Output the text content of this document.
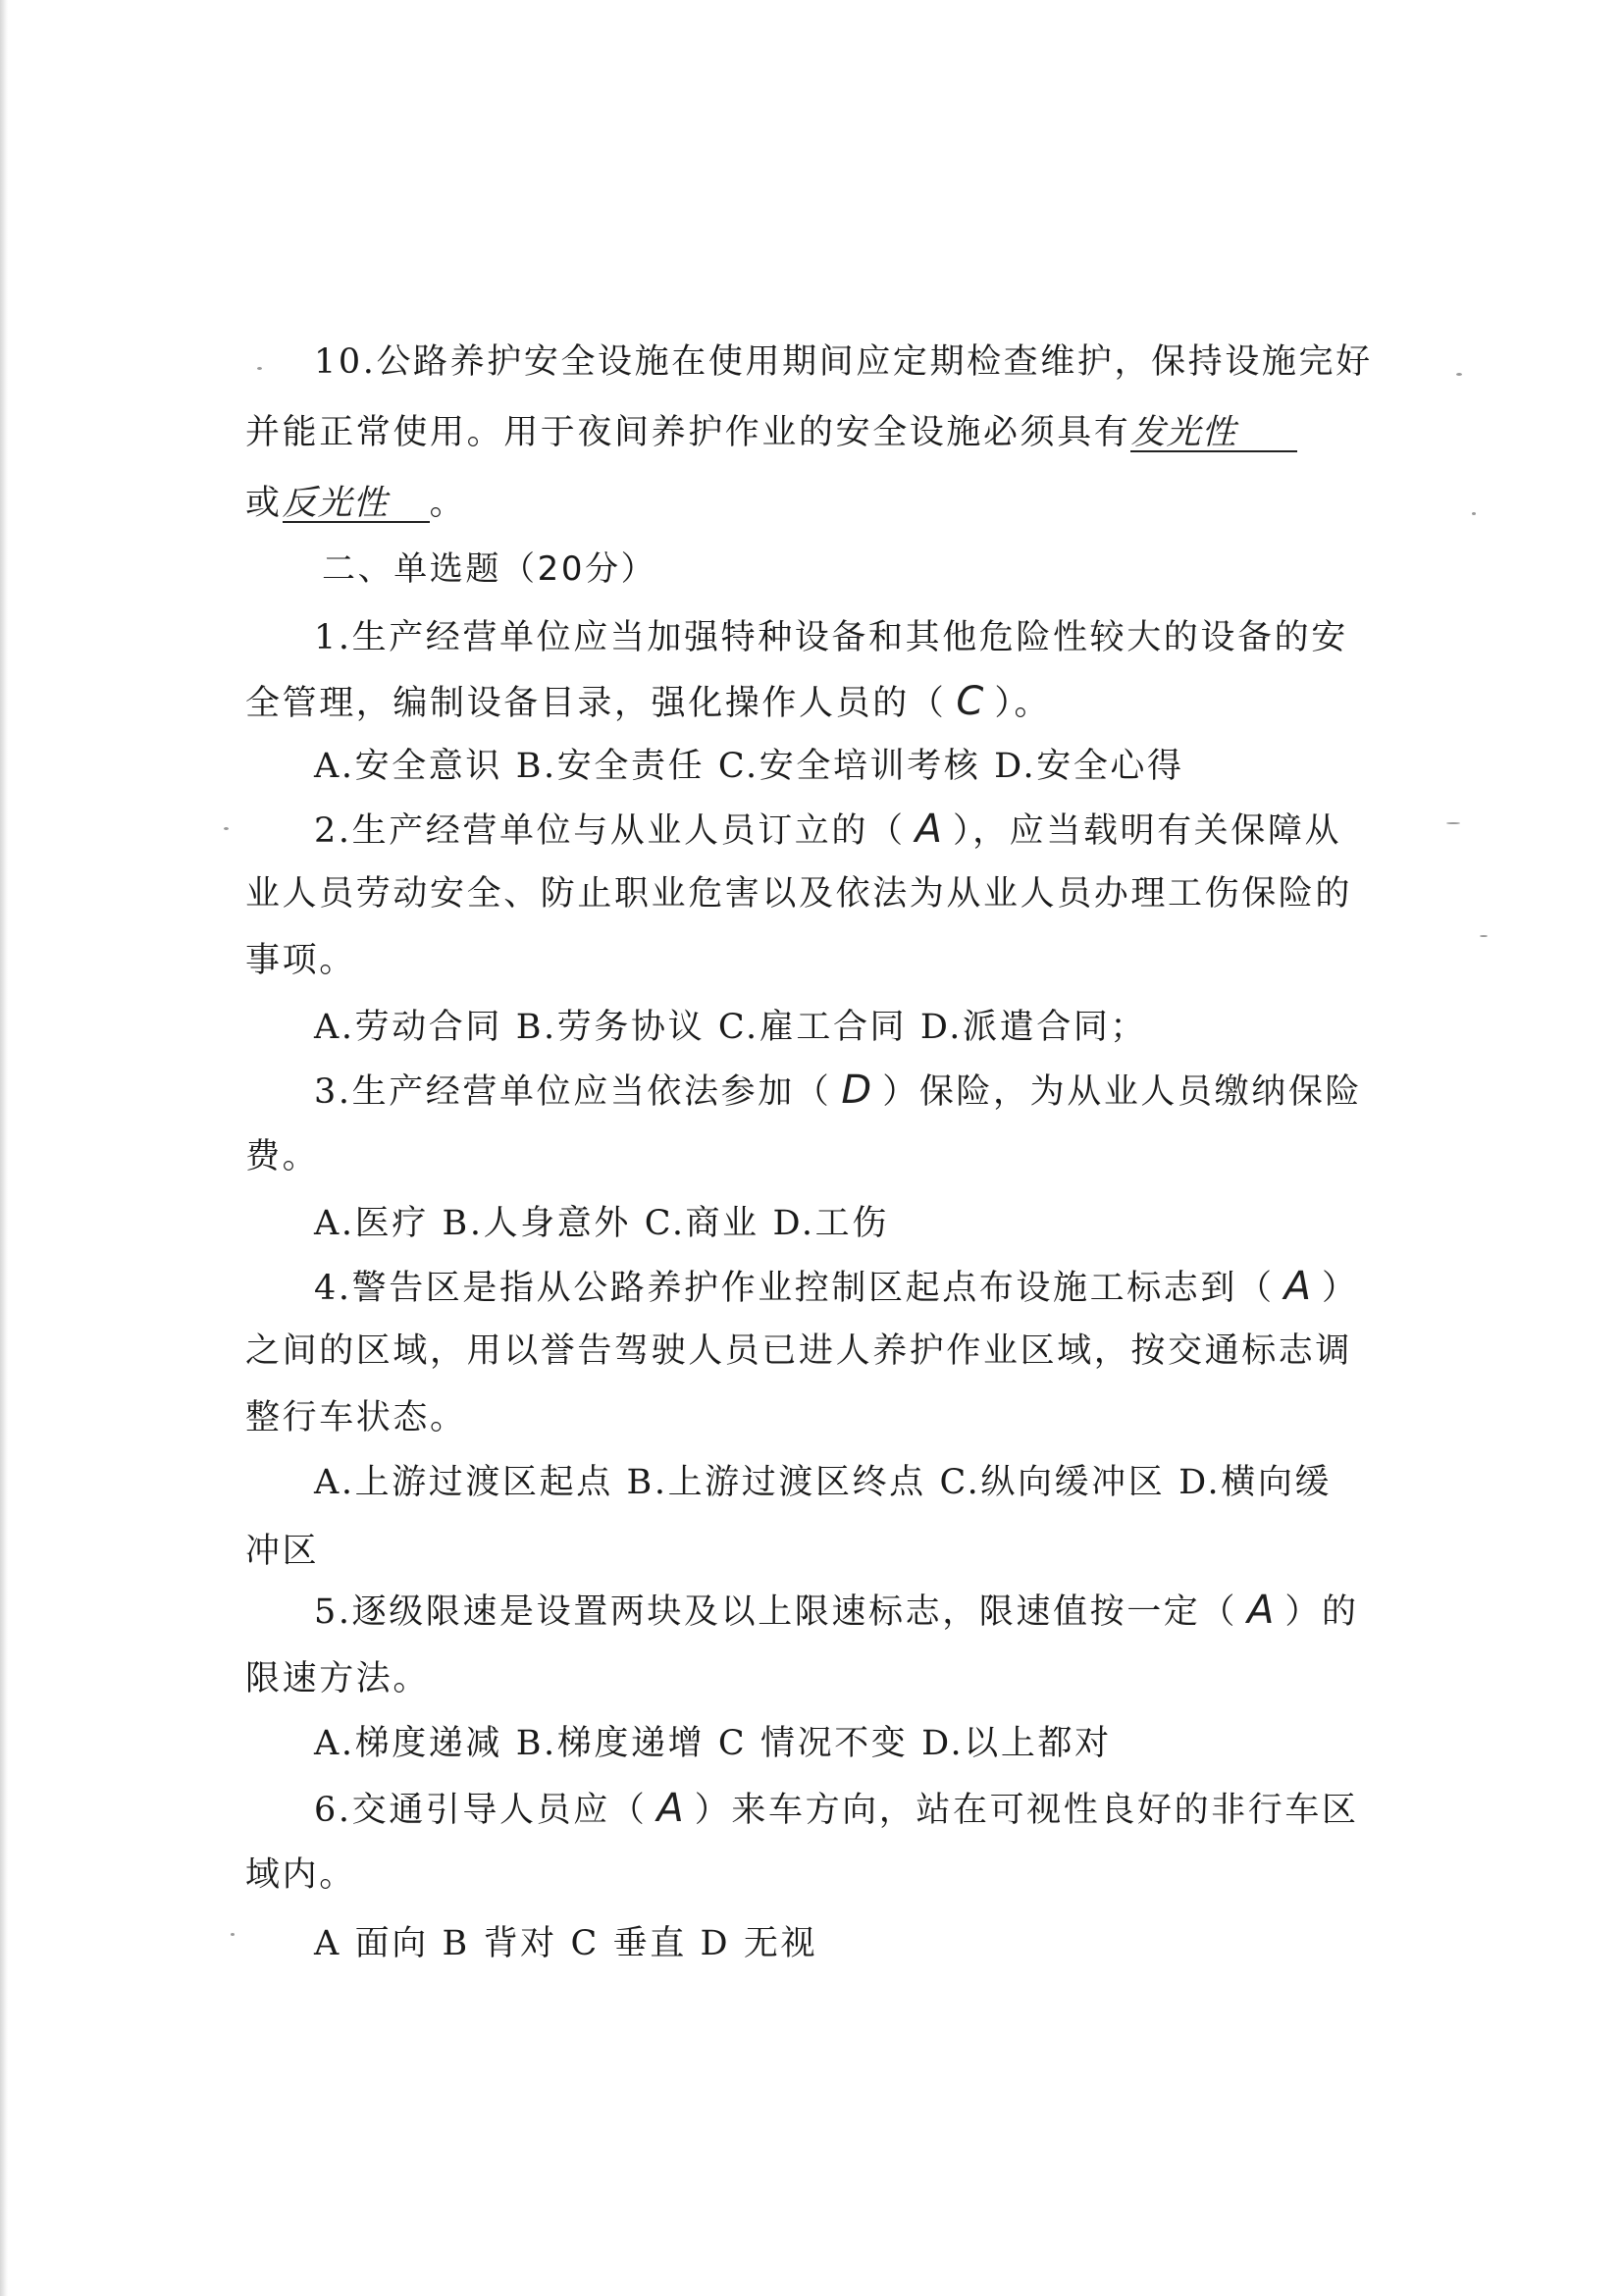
10.公路养护安全设施在使用期间应定期检查维护，保持设施完好
并能正常使用。用于夜间养护作业的安全设施必须具有发光性
或反光性 。
二、单选题（20分）
1.生产经营单位应当加强特种设备和其他危险性较大的设备的安
全管理，编制设备目录，强化操作人员的（ C ）。
A.安全意识 B.安全责任 C.安全培训考核 D.安全心得
2.生产经营单位与从业人员订立的（ A ），应当载明有关保障从
业人员劳动安全、防止职业危害以及依法为从业人员办理工伤保险的
事项。
A.劳动合同 B.劳务协议 C.雇工合同 D.派遣合同；
3.生产经营单位应当依法参加（ D ）保险，为从业人员缴纳保险
费。
A.医疗 B.人身意外 C.商业 D.工伤
4.警告区是指从公路养护作业控制区起点布设施工标志到（ A ）
之间的区域，用以誉告驾驶人员已进人养护作业区域，按交通标志调
整行车状态。
A.上游过渡区起点 B.上游过渡区终点 C.纵向缓冲区 D.横向缓
冲区
5.逐级限速是设置两块及以上限速标志，限速值按一定（ A ）的
限速方法。
A.梯度递减 B.梯度递增 C 情况不变 D.以上都对
6.交通引导人员应（ A ）来车方向，站在可视性良好的非行车区
域内。
A 面向 B 背对 C 垂直 D 无视
